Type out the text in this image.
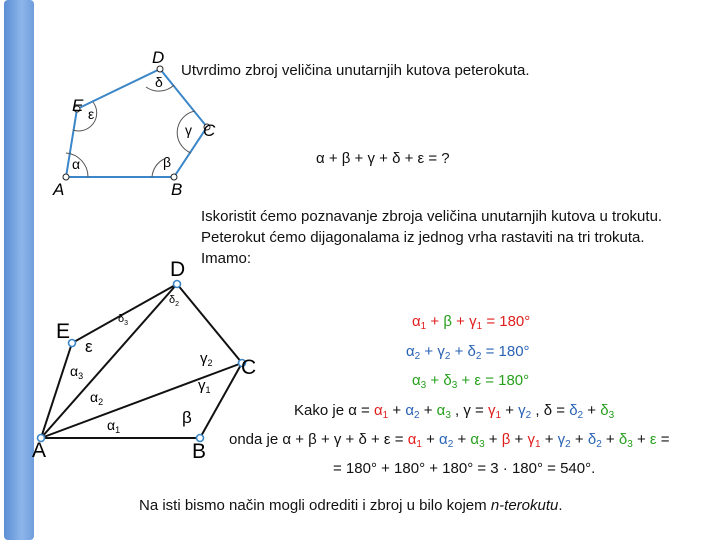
A	B
C
D
E
α	β
γ
δ
ε
Utvrdimo zbroj veličina unutarnjih kutova peterokuta.
α + β + γ + δ + ε = ?
Iskoristit ćemo poznavanje zbroja veličina unutarnjih kutova u trokutu.
Peterokut ćemo dijagonalama iz jednog vrha rastaviti na tri trokuta.
Imamo:
A	B
C
D
E
$\alpha_1$
$\alpha_2$
$\alpha_3$
β
$\gamma_1$
$\gamma_2$
$\delta_2$
$\delta_3$
ε
$\alpha_1 + \beta + \gamma_1 = 180^\circ$
$\alpha_2 + \gamma_2 + \delta_2 = 180^\circ$
$\alpha_3 + \delta_3 + \varepsilon = 180^\circ$
Kako je $\alpha = \alpha_1 + \alpha_2 + \alpha_3$ , $\gamma = \gamma_1 + \gamma_2$ , $\delta = \delta_2 + \delta_3$
onda je $\alpha + \beta + \gamma + \delta + \varepsilon = \alpha_1 + \alpha_2 + \alpha_3 + \beta + \gamma_1 + \gamma_2 + \delta_2 + \delta_3 + \varepsilon$ =
= 180° + 180° + 180° = 3 · 180° = 540°.
Na isti bismo način mogli odrediti i zbroj u bilo kojem n-terokutu.
